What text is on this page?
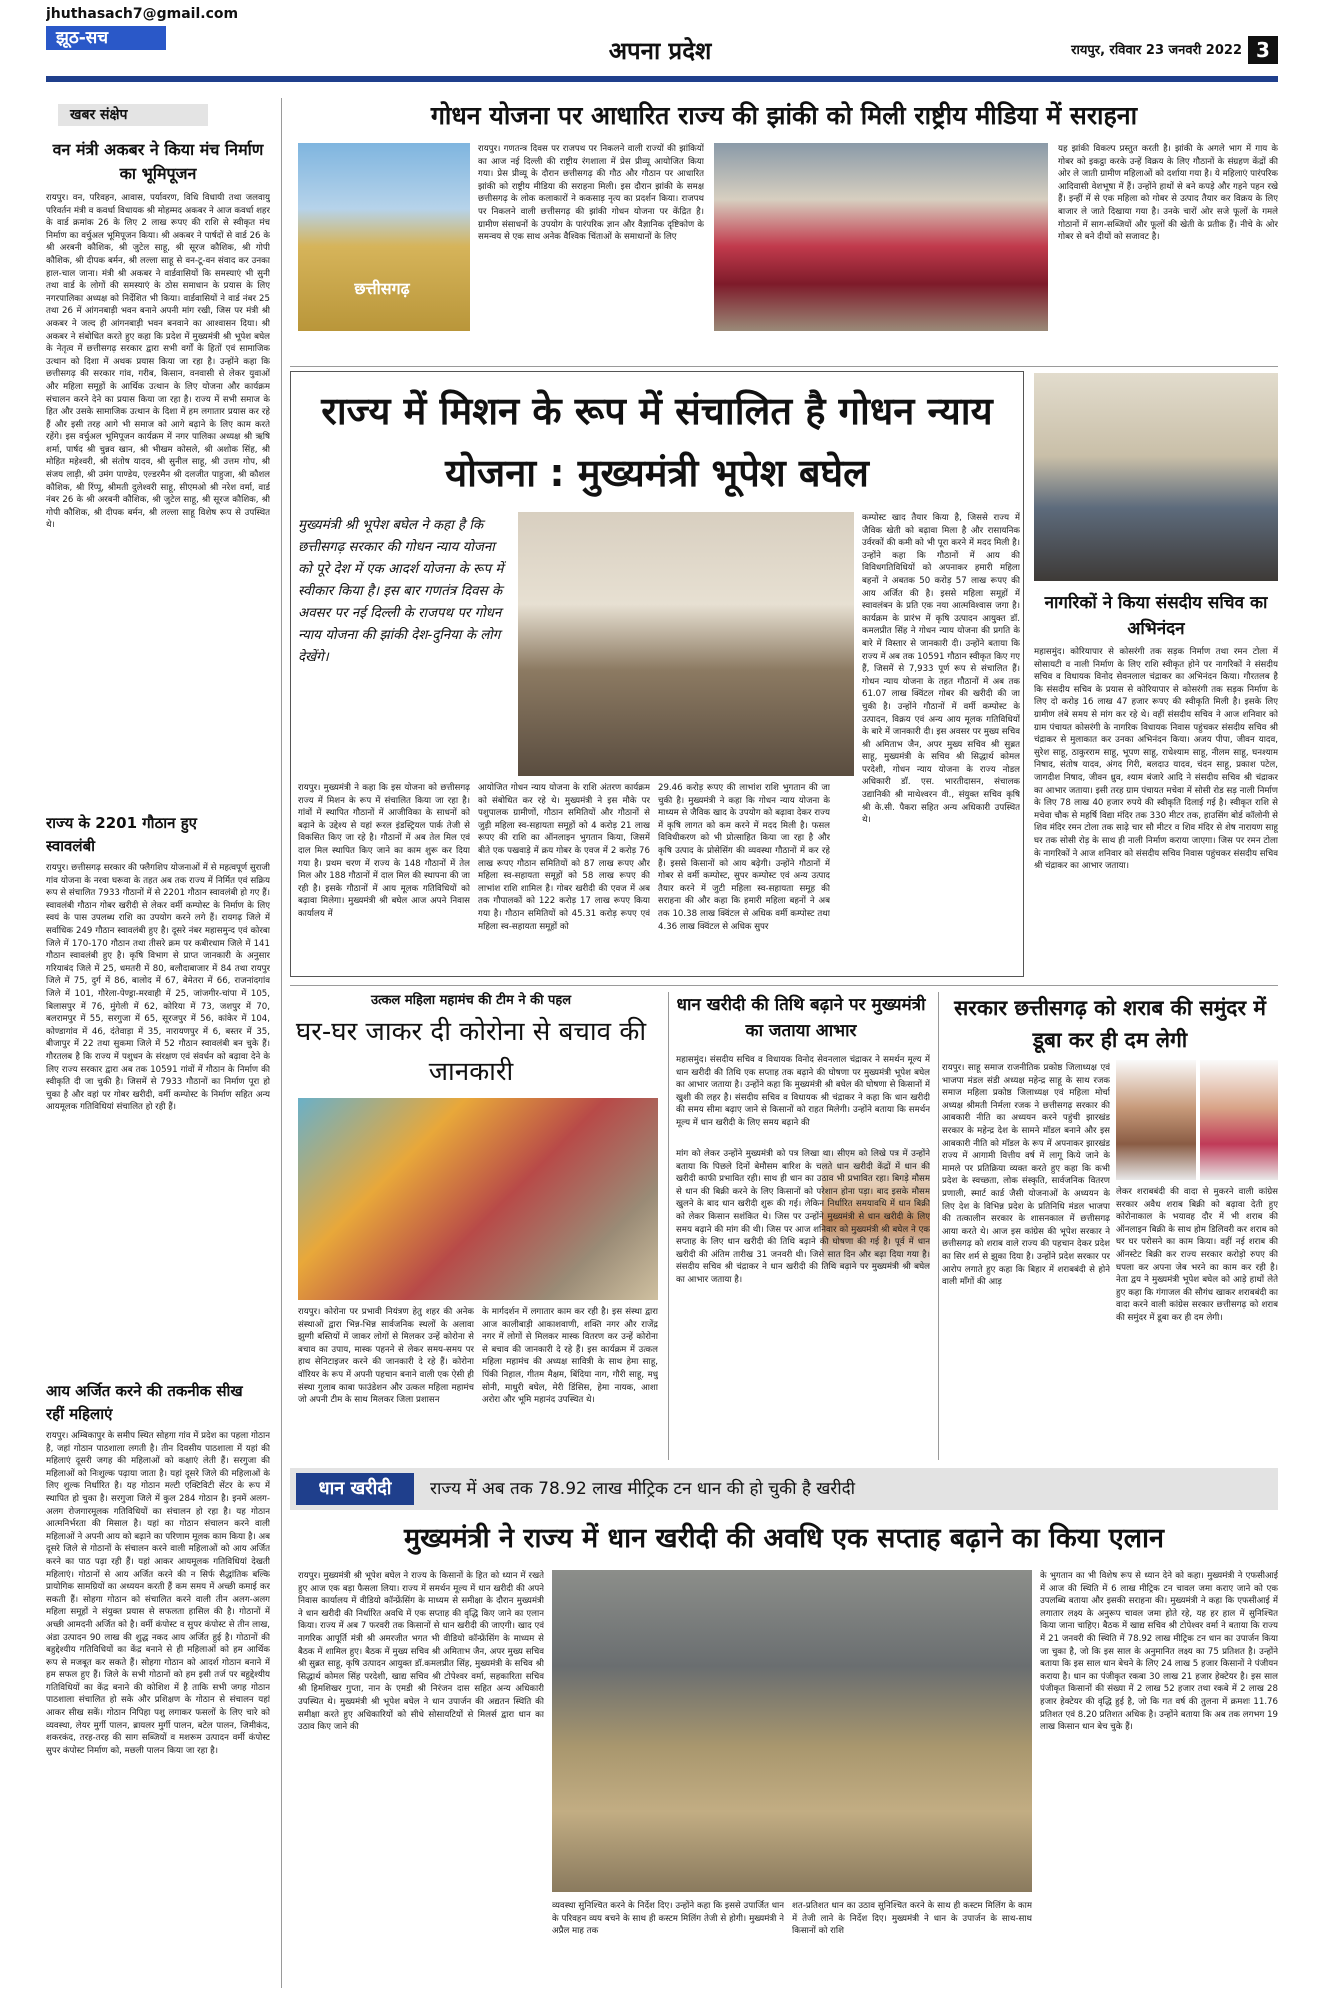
jhuthasach7@gmail.com
झूठ-सच	अपना प्रदेश	रायपुर, रविवार 23 जनवरी 2022 3
खबर संक्षेप
वन मंत्री अकबर ने किया मंच निर्माण का भूमिपूजन
रायपुर। वन, परिवहन, आवास, पर्यावरण, विधि विधायी तथा जलवायु परिवर्तन मंत्री व कवर्धा विधायक श्री मोहम्मद अकबर ने आज कवर्धा शहर के वार्ड क्रमांक 26 के लिए 2 लाख रूपए की राशि से स्वीकृत मंच निर्माण का वर्चुअल भूमिपूजन किया। श्री अकबर ने पार्षदों से वार्ड 26 के श्री अरबनी कौशिक, श्री जुटेल साहू, श्री सूरज कौशिक, श्री गोपी कौशिक, श्री दीपक बर्मन, श्री लल्ला साहू से वन-टू-वन संवाद कर उनका हाल-चाल जाना। मंत्री श्री अकबर ने वार्डवासियों कि समस्याएं भी सुनी तथा वार्ड के लोगों की समस्याएं के ठोस समाधान के प्रयास के लिए नगरपालिका अध्यक्ष को निर्देशित भी किया। वार्डवासियों ने वार्ड नंबर 25 तथा 26 में आंगनबाड़ी भवन बनाने अपनी मांग रखी, जिस पर मंत्री श्री अकबर ने जल्द ही आंगनबाड़ी भवन बनवाने का आश्वासन दिया। श्री अकबर ने संबोधित करते हुए कहा कि प्रदेश में मुख्यमंत्री श्री भूपेश बघेल के नेतृत्व में छत्तीसगढ़ सरकार द्वारा सभी वर्गों के हितों एवं सामाजिक उत्थान को दिशा में अथक प्रयास किया जा रहा है। उन्होंने कहा कि छत्तीसगढ़ की सरकार गांव, गरीब, किसान, वनवासी से लेकर युवाओं और महिला समूहों के आर्थिक उत्थान के लिए योजना और कार्यक्रम संचालन करने देने का प्रयास किया जा रहा है। राज्य में सभी समाज के हित और उसके सामाजिक उत्थान के दिशा में हम लगातार प्रयास कर रहे हैं और इसी तरह आगे भी समाज को आगे बढ़ाने के लिए काम करते रहेंगे। इस वर्चुअल भूमिपूजन कार्यक्रम में नगर पालिका अध्यक्ष श्री ऋषि शर्मा, पार्षद श्री चुन्नव खान, श्री भीखम कोसले, श्री अशोक सिंह, श्री मोहित महेश्वरी, श्री संतोष यादव, श्री सुनील साहू, श्री उत्तम गोप, श्री संजय लाड़ी, श्री उमंग पाण्डेय, एल्डरमैन श्री दलजीत पाहुजा, श्री कौशल कौशिक, श्री रिंप्पू, श्रीमती दुलेश्वरी साहू, सीएमओ श्री नरेश वर्मा, वार्ड नंबर 26 के श्री अरबनी कौशिक, श्री जुटेल साहू, श्री सूरज कौशिक, श्री गोपी कौशिक, श्री दीपक बर्मन, श्री लल्ला साहू विशेष रूप से उपस्थित थे।
राज्य के 2201 गौठान हुए स्वावलंबी
रायपुर। छत्तीसगढ़ सरकार की फ्लैगशिप योजनाओं में से महत्वपूर्ण सुराजी गांव योजना के नरवा घरूवा के तहत अब तक राज्य में निर्मित एवं सक्रिय रूप से संचालित 7933 गौठानों में से 2201 गौठान स्वावलंबी हो गए हैं। स्वावलंबी गौठान गोबर खरीदी से लेकर वर्मी कम्पोस्ट के निर्माण के लिए स्वयं के पास उपलब्ध राशि का उपयोग करने लगे हैं। रायगढ़ जिले में सर्वाधिक 249 गौठान स्वावलंबी हुए है। दूसरे नंबर महासमुन्द एवं कोरबा जिले में 170-170 गौठान तथा तीसरे क्रम पर कबीरधाम जिले में 141 गौठान स्वावलंबी हुए है। कृषि विभाग से प्राप्त जानकारी के अनुसार गरियाबंद जिले में 25, धमतरी में 80, बलौदाबाजार में 84 तथा रायपुर जिले में 75, दुर्ग में 86, बालोद में 67, बेमेतरा में 66, राजनांदगांव जिले में 101, गौरेला-पेण्ड्रा-मरवाही में 25, जांजगीर-चांपा में 105, बिलासपुर में 76, मुंगेली में 62, कोरिया में 73, जशपुर में 70, बलरामपुर में 55, सरगुजा में 65, सूरजपुर में 56, कांकेर में 104, कोण्डागांव में 46, दंतेवाड़ा में 35, नारायणपुर में 6, बस्तर में 35, बीजापुर में 22 तथा सुकमा जिले में 52 गौठान स्वावलंबी बन चुके हैं। गौरतलब है कि राज्य में पशुधन के संरक्षण एवं संवर्धन को बढ़ावा देने के लिए राज्य सरकार द्वारा अब तक 10591 गांवों में गौठान के निर्माण की स्वीकृति दी जा चुकी है। जिसमें से 7933 गौठानों का निर्माण पूरा हो चुका है और वहां पर गोबर खरीदी, वर्मी कम्पोस्ट के निर्माण सहित अन्य आयमूलक गतिविधियां संचालित हो रही हैं।
आय अर्जित करने की तकनीक सीख रहीं महिलाएं
रायपुर। अम्बिकापुर के समीप स्थित सोहगा गांव में प्रदेश का पहला गोठान है, जहां गोठान पाठशाला लगती है। तीन दिवसीय पाठशाला में यहां की महिलाएं दूसरी जगह की महिलाओं को कक्षाएं लेती हैं। सरगुजा की महिलाओं को निःशुल्क पढ़ाया जाता है। यहां दूसरे जिले की महिलाओं के लिए शुल्क निर्धारित है। यह गोठान मल्टी एक्टिविटी सेंटर के रूप में स्थापित हो चुका है। सरगुजा जिले में कुल 284 गोठान है। इनमें अलग-अलग रोजगारमूलक गतिविधियों का संचालन हो रहा है। यह गोठान आत्मनिर्भरता की मिसाल है। यहां का गोठान संचालन करने वाली महिलाओं ने अपनी आय को बढ़ाने का परिणाम मूलक काम किया है। अब दूसरे जिले से गोठानों के संचालन करने वाली महिलाओं को आय अर्जित करने का पाठ पढ़ा रही हैं। यहां आकर आयमूलक गतिविधियां देखती महिलाएं। गोठानों से आय अर्जित करने की न सिर्फ सैद्धांतिक बल्कि प्रायोगिक सामग्रियों का अध्ययन करती हैं कम समय में अच्छी कमाई कर सकती हैं। सोहगा गोठान को संचालित करने वाली तीन अलग-अलग महिला समूहों ने संयुक्त प्रयास से सफलता हासिल की है। गोठानों में अच्छी आमदनी अर्जित को है। वर्मी कंपोस्ट व सुपर कंपोस्ट से तीन लाख, अंडा उत्पादन 90 लाख की शुद्ध नकद आय अर्जित हुई है। गोठानों की बहुद्देश्यीय गतिविधियों का केंद्र बनाने से ही महिलाओं को हम आर्थिक रूप से मजबूत कर सकते हैं। सोहगा गोठान को आदर्श गोठान बनाने में हम सफल हुए हैं। जिले के सभी गोठानों को हम इसी तर्ज पर बहुद्देश्यीय गतिविधियों का केंद्र बनाने की कोशिश में है ताकि सभी जगह गोठान पाठशाला संचालित हो सके और प्रशिक्षण के गोठान से संचालन यहां आकर सीख सकें। गोठान निपिहा पशु लगाकर फसलों के लिए चारे को व्यवस्था, लेयर मुर्गी पालन, ब्रायलर मुर्गी पालन, बटेल पालन, जिमीकंद, शकरकंद, तरह-तरह की साग सब्जियों व मशरूम उत्पादन वर्मी कंपोस्ट सुपर कंपोस्ट निर्माण को, मछली पालन किया जा रहा है।
गोधन योजना पर आधारित राज्य की झांकी को मिली राष्ट्रीय मीडिया में सराहना
छत्तीसगढ़
रायपुर। गणतन्त्र दिवस पर राजपथ पर निकलने वाली राज्यों की झांकियों का आज नई दिल्ली की राष्ट्रीय रंगशाला में प्रेस प्रीव्यू आयोजित किया गया। प्रेस प्रीव्यू के दौरान छत्तीसगढ़ की गौठ और गौठान पर आधारित झांकी को राष्ट्रीय मीडिया की सराहना मिली। इस दौरान झांकी के समक्ष छत्तीसगढ़ के लोक कलाकारों ने ककसाड़ नृत्य का प्रदर्शन किया। राजपथ पर निकलने वाली छत्तीसगढ़ की झांकी गोधन योजना पर केंद्रित है। ग्रामीण संसाधनों के उपयोग के पारंपरिक ज्ञान और वैज्ञानिक दृष्टिकोण के समन्वय से एक साथ अनेक वैश्विक चिंताओं के समाधानों के लिए
यह झांकी विकल्प प्रस्तुत करती है। झांकी के अगले भाग में गाय के गोबर को इकट्ठा करके उन्हें विक्रय के लिए गौठानों के संग्रहण केंद्रों की ओर ले जाती ग्रामीण महिलाओं को दर्शाया गया है। ये महिलाएं पारंपरिक आदिवासी वेशभूषा में हैं। उन्होंने हाथों से बने कपड़े और गहने पहन रखे हैं। इन्हीं में से एक महिला को गोबर से उत्पाद तैयार कर विक्रय के लिए बाजार ले जाते दिखाया गया है। उनके चारों ओर सजे फूलों के गमले गोठानों में साग-सब्जियों और फूलों की खेती के प्रतीक हैं। नीचे के ओर गोबर से बने दीयों को सजावट है।
राज्य में मिशन के रूप में संचालित है गोधन न्याय योजना : मुख्यमंत्री भूपेश बघेल
मुख्यमंत्री श्री भूपेश बघेल ने कहा है कि छत्तीसगढ़ सरकार की गोधन न्याय योजना को पूरे देश में एक आदर्श योजना के रूप में स्वीकार किया है। इस बार गणतंत्र दिवस के अवसर पर नई दिल्ली के राजपथ पर गोधन न्याय योजना की झांकी देश-दुनिया के लोग देखेंगे।
रायपुर। मुख्यमंत्री ने कहा कि इस योजना को छत्तीसगढ़ राज्य में मिशन के रूप में संचालित किया जा रहा है। गांवों में स्थापित गौठानों में आजीविका के साधनों को बढ़ाने के उद्देश्य से यहां रूरल इंडस्ट्रियल पार्क तेजी से विकसित किए जा रहे है। गौठानों में अब तेल मिल एवं दाल मिल स्थापित किए जाने का काम शुरू कर दिया गया है। प्रथम चरण में राज्य के 148 गौठानों में तेल मिल और 188 गौठानों में दाल मिल की स्थापना की जा रही है। इसके गौठानों में आय मूलक गतिविधियों को बढ़ावा मिलेगा। मुख्यमंत्री श्री बघेल आज अपने निवास कार्यालय में
आयोजित गोधन न्याय योजना के राशि अंतरण कार्यक्रम को संबोधित कर रहे थे। मुख्यमंत्री ने इस मौके पर पशुपालक ग्रामीणों, गौठान समितियों और गौठानों से जुड़ी महिला स्व-सहायता समूहों को 4 करोड़ 21 लाख रूपए की राशि का ऑनलाइन भुगतान किया, जिसमें बीते एक पखवाड़े में क्रय गोबर के एवज में 2 करोड़ 76 लाख रूपए गौठान समितियों को 87 लाख रूपए और महिला स्व-सहायता समूहों को 58 लाख रूपए की लाभांश राशि शामिल है। गोबर खरीदी की एवज में अब तक गौपालकों को 122 करोड़ 17 लाख रूपए किया गया है। गौठान समितियों को 45.31 करोड़ रूपए एवं महिला स्व-सहायता समूहों को
29.46 करोड़ रूपए की लाभांश राशि भुगतान की जा चुकी है। मुख्यमंत्री ने कहा कि गोधन न्याय योजना के माध्यम से जैविक खाद के उपयोग को बढ़ावा देकर राज्य में कृषि लागत को कम करने में मदद मिली है। फसल विविधीकरण को भी प्रोत्साहित किया जा रहा है और कृषि उत्पाद के प्रोसेसिंग की व्यवस्था गौठानों में कर रहे हैं। इससे किसानों को आय बढ़ेगी। उन्होंने गौठानों में गोबर से वर्मी कम्पोस्ट, सुपर कम्पोस्ट एवं अन्य उत्पाद तैयार करने में जुटी महिला स्व-सहायता समूह की सराहना की और कहा कि हमारी महिला बहनों ने अब तक 10.38 लाख क्विंटल से अधिक वर्मी कम्पोस्ट तथा 4.36 लाख क्विंटल से अधिक सुपर
कम्पोस्ट खाद तैयार किया है, जिससे राज्य में जैविक खेती को बढ़ावा मिला है और रासायनिक उर्वरकों की कमी को भी पूरा करने में मदद मिली है। उन्होंने कहा कि गौठानों में आय की विविधगतिविधियों को अपनाकर हमारी महिला बहनों ने अबतक 50 करोड़ 57 लाख रूपए की आय अर्जित की है। इससे महिला समूहों में स्वावलंबन के प्रति एक नया आत्मविश्वास जगा है। कार्यक्रम के प्रारंभ में कृषि उत्पादन आयुक्त डॉ. कमलप्रीत सिंह ने गोधन न्याय योजना की प्रगति के बारे में विस्तार से जानकारी दी। उन्होंने बताया कि राज्य में अब तक 10591 गौठान स्वीकृत किए गए हैं, जिसमें से 7,933 पूर्ण रूप से संचालित हैं। गोधन न्याय योजना के तहत गौठानों में अब तक 61.07 लाख क्विंटल गोबर की खरीदी की जा चुकी है। उन्होंने गौठानों में वर्मी कम्पोस्ट के उत्पादन, विक्रय एवं अन्य आय मूलक गतिविधियों के बारे में जानकारी दी। इस अवसर पर मुख्य सचिव श्री अमिताभ जैन, अपर मुख्य सचिव श्री सुब्रत साहू, मुख्यमंत्री के सचिव श्री सिद्धार्थ कोमल परदेशी, गोधन न्याय योजना के राज्य नोडल अधिकारी डॉ. एस. भारतीदासन, संचालक उद्यानिकी श्री माथेश्वरन वी., संयुक्त सचिव कृषि श्री के.सी. पैकरा सहित अन्य अधिकारी उपस्थित थे।
नागरिकों ने किया संसदीय सचिव का अभिनंदन
महासमुंद। कोरियापार से कोसरंगी तक सड़क निर्माण तथा रमन टोला में सोसायटी व नाली निर्माण के लिए राशि स्वीकृत होने पर नागरिकों ने संसदीय सचिव व विधायक विनोद सेवनलाल चंद्राकर का अभिनंदन किया। गौरतलब है कि संसदीय सचिव के प्रयास से कोरियापार से कोसरंगी तक सड़क निर्माण के लिए दो करोड़ 16 लाख 47 हजार रूपए की स्वीकृति मिली है। इसके लिए ग्रामीण लंबे समय से मांग कर रहे थे। वहीं संसदीय सचिव ने आज शनिवार को ग्राम पंचायत कोसरंगी के नागरिक विधायक निवास पहुंचकर संसदीय सचिव श्री चंद्राकर से मुलाकात कर उनका अभिनंदन किया। अजय पीपा, जीवन यादव, सुरेश साहू, ठाकुरराम साहू, भूपण साहू, राधेश्याम साहू, नीलम साहू, घनश्याम निषाद, संतोष यादव, अंगद गिरी, बलदाउ यादव, चंदन साहू, प्रकाश पटेल, जागदीश निषाद, जीवन ध्रुव, श्याम बंजारे आदि ने संसदीय सचिव श्री चंद्राकर का आभार जताया। इसी तरह ग्राम पंचायत मचेवा में सोसी रोड सड़ नाली निर्माण के लिए 78 लाख 40 हजार रुपये की स्वीकृति दिलाई गई है। स्वीकृत राशि से मचेवा चौक से महर्षि विद्या मंदिर तक 330 मीटर तक, हाउसिंग बोर्ड कॉलोनी से शिव मंदिर रमन टोला तक साढ़े चार सौ मीटर व शिव मंदिर से शेष नारायण साहू घर तक सोसी रोड़ के साथ ही नाली निर्माण कराया जाएगा। जिस पर रमन टोला के नागरिकों ने आज शनिवार को संसदीय सचिव निवास पहुंचकर संसदीय सचिव श्री चंद्राकर का आभार जताया।
उत्कल महिला महामंच की टीम ने की पहल
घर-घर जाकर दी कोरोना से बचाव की जानकारी
रायपुर। कोरोना पर प्रभावी नियंत्रण हेतु शहर की अनेक संस्थाओं द्वारा भिन्न-भिन्न सार्वजनिक स्थलों के अलावा झुग्गी बस्तियों में जाकर लोगों से मिलकर उन्हें कोरोना से बचाव का उपाय, मास्क पहनने से लेकर समय-समय पर हाथ सेनिटाइजर करने की जानकारी दे रहे हैं। कोरोना वॉरियर के रूप में अपनी पहचान बनाने वाली एक ऐसी ही संस्था गुलाब काबा फाउंडेशन और उत्कल महिला महामंच जो अपनी टीम के साथ मिलकर जिला प्रशासन
के मार्गदर्शन में लगातार काम कर रही है। इस संस्था द्वारा आज कालीबाड़ी आकाशवाणी, शक्ति नगर और राजेंद्र नगर में लोगों से मिलकर मास्क वितरण कर उन्हें कोरोना से बचाव की जानकारी दे रहे हैं। इस कार्यक्रम में उत्कल महिला महामंच की अध्यक्ष सावित्री के साथ हेमा साहू, पिंकी निहाल, गीतम मैक्षम, बिंदिया नाग, गौरी साहू, मधु सोनी, माधुरी बघेल, मेरी डिंसिस, हेमा नायक, आशा अरोरा और भूमि महानंद उपस्थित थे।
धान खरीदी की तिथि बढ़ाने पर मुख्यमंत्री का जताया आभार
महासमुंद। संसदीय सचिव व विधायक विनोद सेवनलाल चंद्राकर ने समर्थन मूल्य में धान खरीदी की तिथि एक सप्ताह तक बढ़ाने की घोषणा पर मुख्यमंत्री भूपेश बघेल का आभार जताया है। उन्होंने कहा कि मुख्यमंत्री श्री बघेल की घोषणा से किसानों में खुशी की लहर है। संसदीय सचिव व विधायक श्री चंद्राकर ने कहा कि धान खरीदी की समय सीमा बढ़ाए जाने से किसानों को राहत मिलेगी। उन्होंने बताया कि समर्थन मूल्य में धान खरीदी के लिए समय बढ़ाने की
मांग को लेकर उन्होंने मुख्यमंत्री को पत्र लिखा था। सीएम को लिखे पत्र में उन्होंने बताया कि पिछले दिनों बेमौसम बारिश के चलते धान खरीदी केंद्रों में धान की खरीदी काफी प्रभावित रही। साथ ही धान का उठाव भी प्रभावित रहा। बिगड़े मौसम से धान की बिक्री करने के लिए किसानों को परेशान होना पड़ा। बाद इसके मौसम खुलने के बाद धान खरीदी शुरू की गई। लेकिन निर्धारित समयावधि में धान बिक्री को लेकर किसान सशंकित थे। जिस पर उन्होंने मुख्यमंत्री से धान खरीदी के लिए समय बढ़ाने की मांग की थी। जिस पर आज शनिवार को मुख्यमंत्री श्री बघेल ने एक सप्ताह के लिए धान खरीदी की तिथि बढ़ाने की घोषणा की गई है। पूर्व में धान खरीदी की अंतिम तारीख 31 जनवरी थी। जिसे सात दिन और बढ़ा दिया गया है। संसदीय सचिव श्री चंद्राकर ने धान खरीदी की तिथि बढ़ाने पर मुख्यमंत्री श्री बघेल का आभार जताया है।
सरकार छत्तीसगढ़ को शराब की समुंदर में डूबा कर ही दम लेगी
रायपुर। साहू समाज राजनीतिक प्रकोष्ठ जिलाध्यक्ष एवं भाजपा मंडल संडी अध्यक्ष महेन्द्र साहू के साथ रजक समाज महिला प्रकोष्ठ जिलाध्यक्ष एवं महिला मोर्चा अध्यक्ष श्रीमती निर्मला रजक ने छत्तीसगढ़ सरकार की आबकारी नीति का अध्ययन करने पहुंची झारखंड सरकार के महेन्द्र देश के सामने मॉडल बनाने और इस आबकारी नीति को मॉडल के रूप में अपनाकर झारखंड राज्य में आगामी वित्तीय वर्ष में लागू किये जाने के मामले पर प्रतिक्रिया व्यक्त करते हुए कहा कि कभी प्रदेश के स्वच्छता, लोक संस्कृति, सार्वजनिक वितरण प्रणाली, स्मार्ट कार्ड जैसी योजनाओं के अध्ययन के लिए देश के विभिन्न प्रदेश के प्रतिनिधि मंडल भाजपा की तत्कालीन सरकार के शासनकाल में छत्तीसगढ़ आया करते थे। आज इस कांग्रेस की भूपेश सरकार ने छत्तीसगढ़ को शराब वाले राज्य की पहचान देकर प्रदेश का सिर शर्म से झुका दिया है। उन्होंने प्रदेश सरकार पर आरोप लगाते हुए कहा कि बिहार में शराबबंदी से होने वाली माँगों की आड़
लेकर शराबबंदी की वादा से मुकरने वाली कांग्रेस सरकार अवैध शराब बिक्री को बढ़ावा देती हुए कोरोनाकाल के भयावह दौर में भी शराब की ऑनलाइन बिक्री के साथ होम डिलिवरी कर शराब को घर घर परोसने का काम किया। वहीं नई शराब की ऑनस्टेट बिक्री कर राज्य सरकार करोड़ो रुपए की घपला कर अपना जेब भरने का काम कर रही है। नेता द्वय ने मुख्यमंत्री भूपेश बघेल को आड़े हाथों लेते हुए कहा कि गंगाजल की सौगंध खाकर शराबबंदी का वादा करने वाली कांग्रेस सरकार छत्तीसगढ़ को शराब की समुंदर में डूबा कर ही दम लेगी।
धान खरीदी	राज्य में अब तक 78.92 लाख मीट्रिक टन धान की हो चुकी है खरीदी
मुख्यमंत्री ने राज्य में धान खरीदी की अवधि एक सप्ताह बढ़ाने का किया एलान
रायपुर। मुख्यमंत्री श्री भूपेश बघेल ने राज्य के किसानों के हित को ध्यान में रखते हुए आज एक बड़ा फैसला लिया। राज्य में समर्थन मूल्य में धान खरीदी की अपने निवास कार्यालय में वीडियो कॉन्फ्रेंसिंग के माध्यम से समीक्षा के दौरान मुख्यमंत्री ने धान खरीदी की निर्धारित अवधि में एक सप्ताह की वृद्धि किए जाने का एलान किया। राज्य में अब 7 फरवरी तक किसानों से धान खरीदी की जाएगी। खाद एवं नागरिक आपूर्ति मंत्री श्री अमरजीत भगत भी वीडियो कॉन्फ्रेंसिंग के माध्यम से बैठक में शामिल हुए। बैठक में मुख्य सचिव श्री अमिताभ जैन, अपर मुख्य सचिव श्री सुब्रत साहू, कृषि उत्पादन आयुक्त डॉ.कमलप्रीत सिंह, मुख्यमंत्री के सचिव श्री सिद्धार्थ कोमल सिंह परदेशी, खाद्य सचिव श्री टोपेश्वर वर्मा, सहकारिता सचिव श्री हिमशिखर गुप्ता, नान के एमडी श्री निरंजन दास सहित अन्य अधिकारी उपस्थित थे। मुख्यमंत्री श्री भूपेश बघेल ने धान उपार्जन की अद्यतन स्थिति की समीक्षा करते हुए अधिकारियों को सीधे सोसायटियों से मिलर्स द्वारा धान का उठाव किए जाने की
व्यवस्था सुनिश्चित करने के निर्देश दिए। उन्होंने कहा कि इससे उपार्जित धान के परिवहन व्यय बचने के साथ ही कस्टम मिलिंग तेजी से होगी। मुख्यमंत्री ने अप्रैल माह तक
शत-प्रतिशत धान का उठाव सुनिश्चित करने के साथ ही कस्टम मिलिंग के काम में तेजी लाने के निर्देश दिए। मुख्यमंत्री ने धान के उपार्जन के साथ-साथ किसानों को राशि
के भुगतान का भी विशेष रूप से ध्यान देने को कहा। मुख्यमंत्री ने एफसीआई में आज की स्थिति में 6 लाख मीट्रिक टन चावल जमा कराए जाने को एक उपलब्धि बताया और इसकी सराहना की। मुख्यमंत्री ने कहा कि एफसीआई में लगातार लक्ष्य के अनुरूप चावल जमा होते रहे, यह हर हाल में सुनिश्चित किया जाना चाहिए। बैठक में खाद्य सचिव श्री टोपेश्वर वर्मा ने बताया कि राज्य में 21 जनवरी की स्थिति में 78.92 लाख मीट्रिक टन धान का उपार्जन किया जा चुका है, जो कि इस साल के अनुमानित लक्ष्य का 75 प्रतिशत है। उन्होंने बताया कि इस साल धान बेचने के लिए 24 लाख 5 हजार किसानों ने पंजीयन कराया है। धान का पंजीकृत रकबा 30 लाख 21 हजार हेक्टेयर है। इस साल पंजीकृत किसानों की संख्या में 2 लाख 52 हजार तथा रकबे में 2 लाख 28 हजार हेक्टेयर की वृद्धि हुई है, जो कि गत वर्ष की तुलना में क्रमशः 11.76 प्रतिशत एवं 8.20 प्रतिशत अधिक है। उन्होंने बताया कि अब तक लगभग 19 लाख किसान धान बेच चुके हैं।
